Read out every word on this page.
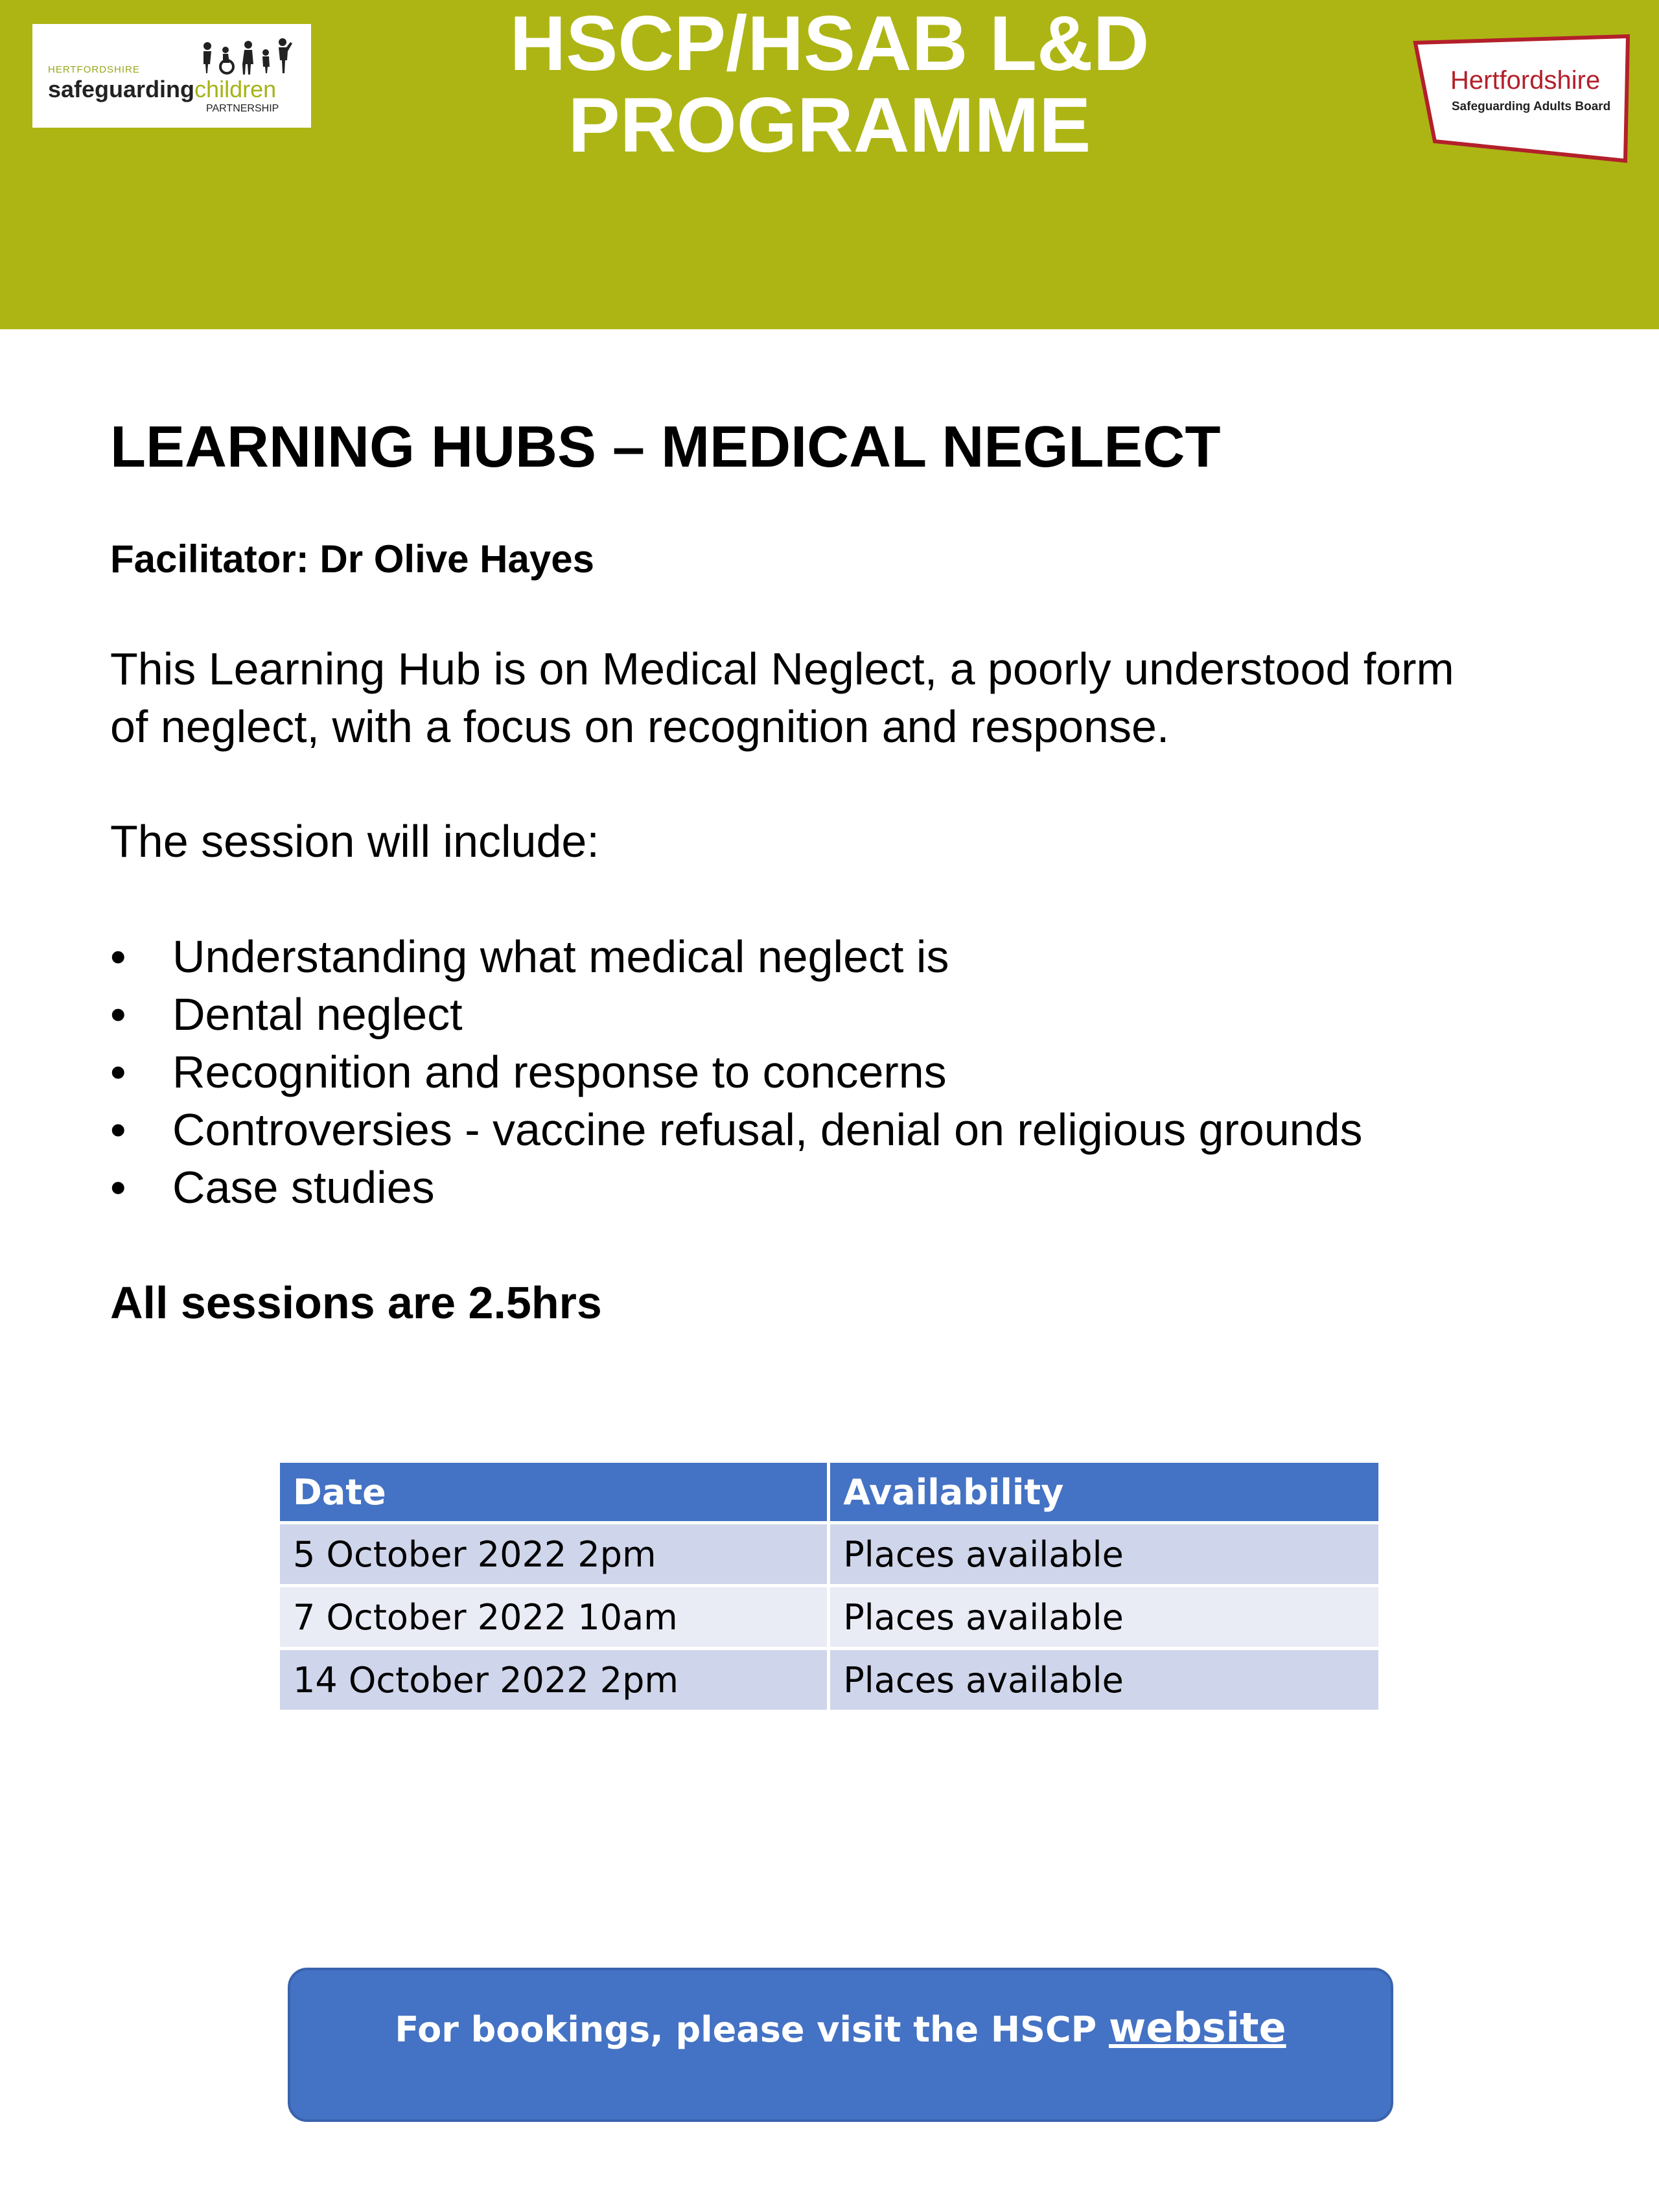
HERTFORDSHIRE
safeguardingchildren
PARTNERSHIP
HSCP/HSAB L&D
PROGRAMME
Hertfordshire
Safeguarding Adults Board
LEARNING HUBS – MEDICAL NEGLECT
Facilitator: Dr Olive Hayes

This Learning Hub is on Medical Neglect, a poorly understood form
of neglect, with a focus on recognition and response.

The session will include:
• Understanding what medical neglect is
• Dental neglect
• Recognition and response to concerns
• Controversies - vaccine refusal, denial on religious grounds
• Case studies
All sessions are 2.5hrs
Date	Availability
5 October 2022 2pm	Places available
7 October 2022 10am	Places available
14 October 2022 2pm	Places available
For bookings, please visit the HSCP website
